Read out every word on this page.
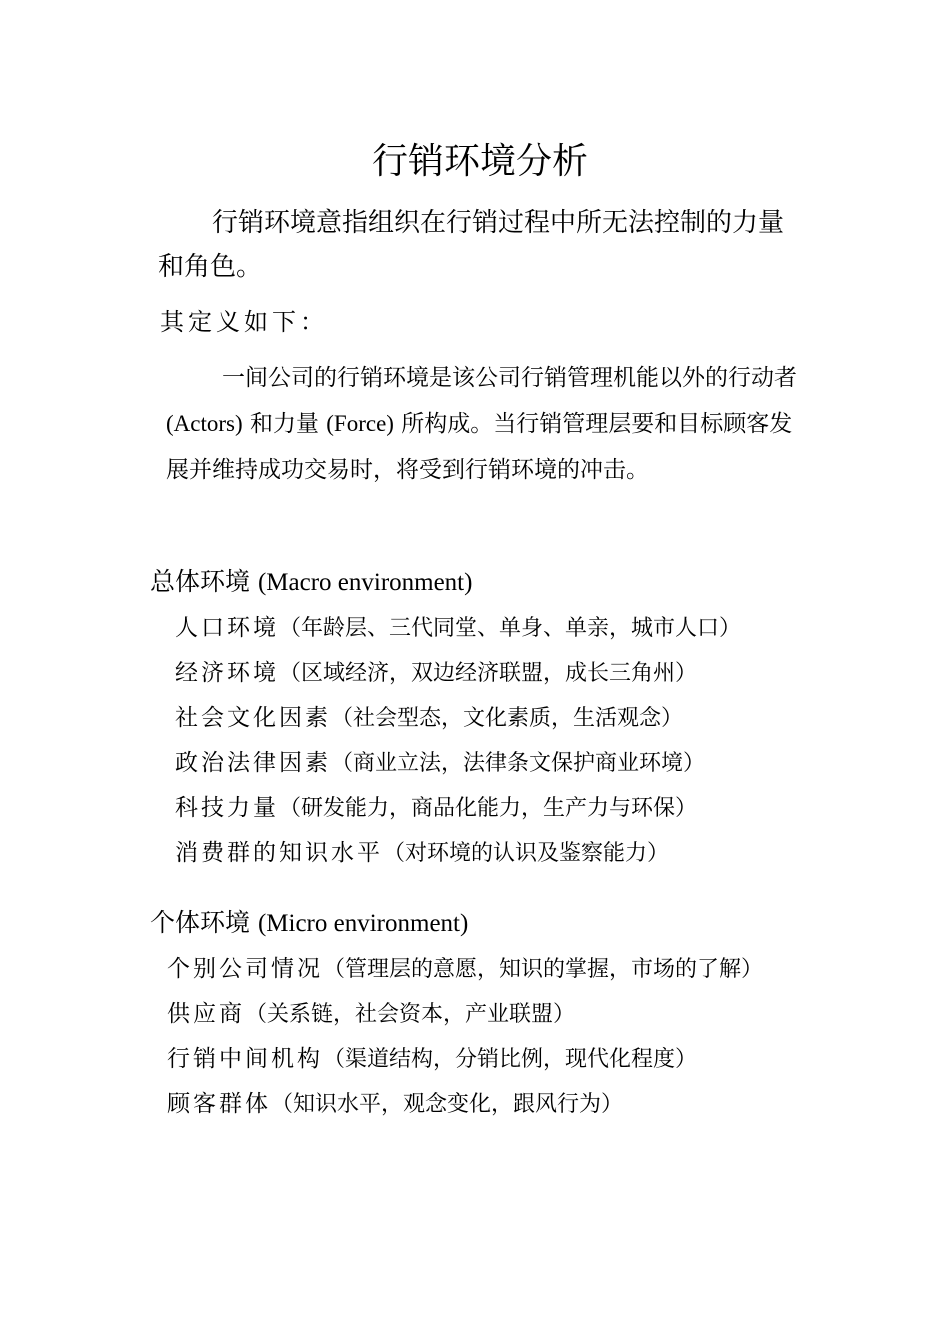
行销环境分析
行销环境意指组织在行销过程中所无法控制的力量和角色。
其定义如下：
一间公司的行销环境是该公司行销管理机能以外的行动者 (Actors) 和力量 (Force) 所构成。当行销管理层要和目标顾客发展并维持成功交易时，将受到行销环境的冲击。
总体环境 (Macro environment)
人口环境（年龄层、三代同堂、单身、单亲，城市人口）
经济环境（区域经济，双边经济联盟，成长三角州）
社会文化因素（社会型态，文化素质，生活观念）
政治法律因素（商业立法，法律条文保护商业环境）
科技力量（研发能力，商品化能力，生产力与环保）
消费群的知识水平（对环境的认识及鉴察能力）
个体环境 (Micro environment)
个别公司情况（管理层的意愿，知识的掌握，市场的了解）
供应商（关系链，社会资本，产业联盟）
行销中间机构（渠道结构，分销比例，现代化程度）
顾客群体（知识水平，观念变化，跟风行为）
